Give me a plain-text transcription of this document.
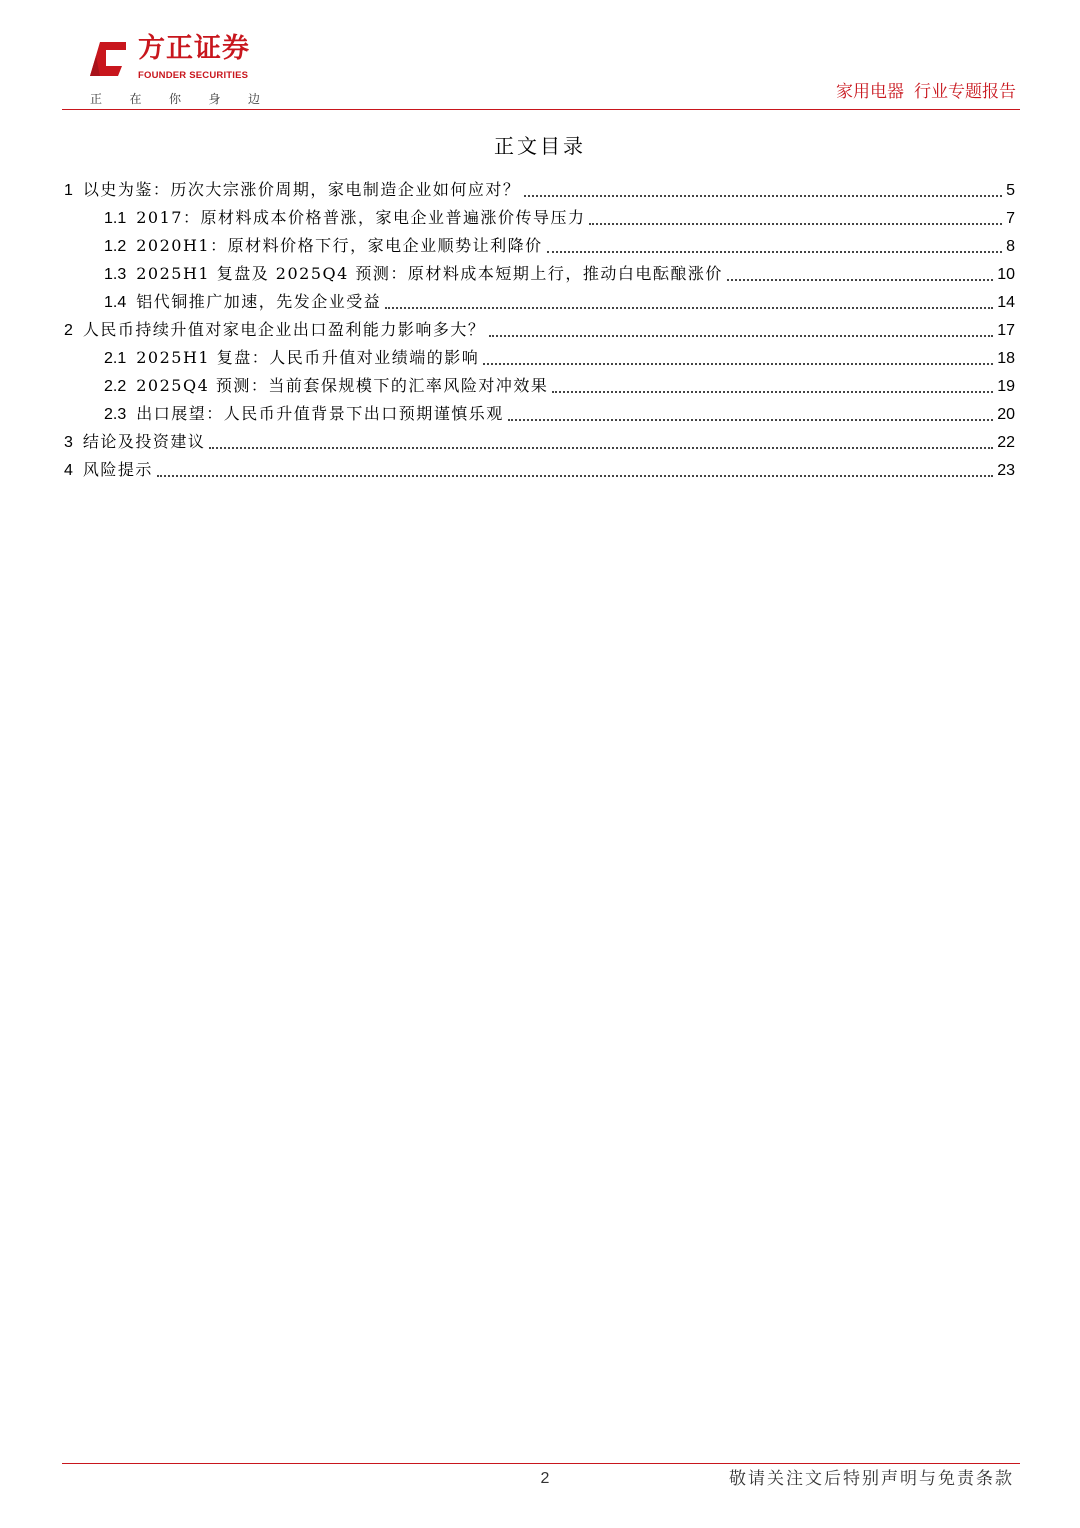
方正证券
FOUNDER SECURITIES
正 在 你 身 边	家用电器 行业专题报告
正文目录
1 以史为鉴：历次大宗涨价周期，家电制造企业如何应对？	5
1.1 2017：原材料成本价格普涨，家电企业普遍涨价传导压力	7
1.2 2020H1：原材料价格下行，家电企业顺势让利降价	8
1.3 2025H1 复盘及 2025Q4 预测：原材料成本短期上行，推动白电酝酿涨价	10
1.4 铝代铜推广加速，先发企业受益	14
2 人民币持续升值对家电企业出口盈利能力影响多大？	17
2.1 2025H1 复盘：人民币升值对业绩端的影响	18
2.2 2025Q4 预测：当前套保规模下的汇率风险对冲效果	19
2.3 出口展望：人民币升值背景下出口预期谨慎乐观	20
3 结论及投资建议	22
4 风险提示	23
2	敬请关注文后特别声明与免责条款
